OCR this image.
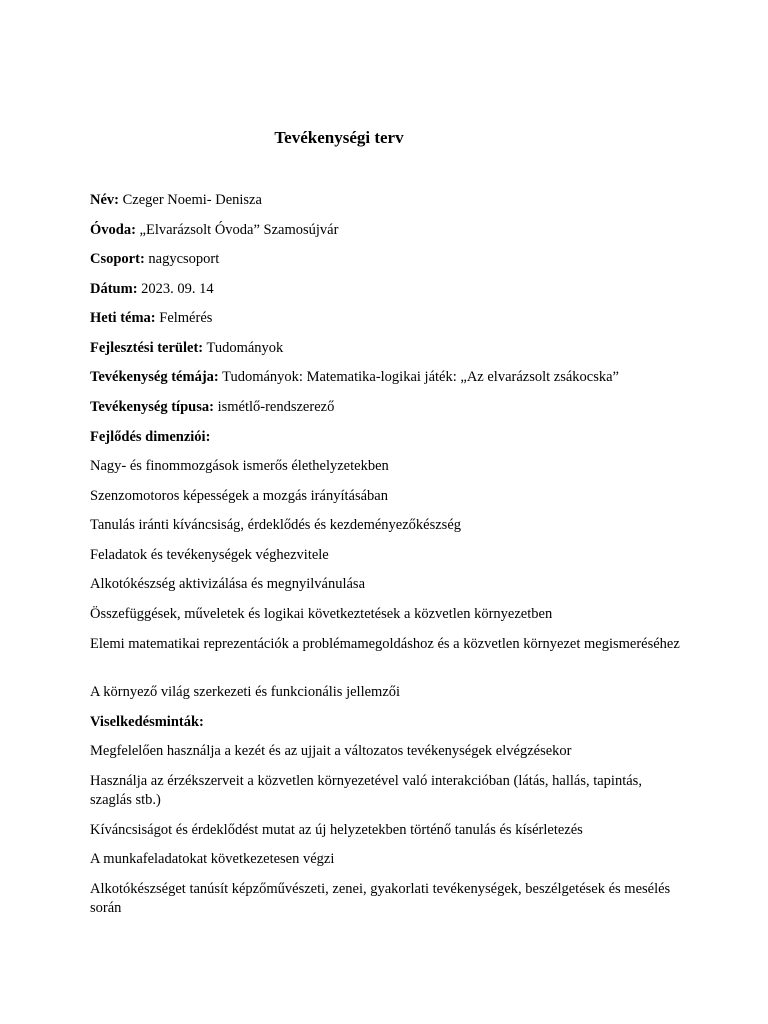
Tevékenységi terv
Név: Czeger Noemi- Denisza
Óvoda: „Elvarázsolt Óvoda” Szamosújvár
Csoport: nagycsoport
Dátum: 2023. 09. 14
Heti téma: Felmérés
Fejlesztési terület: Tudományok
Tevékenység témája: Tudományok: Matematika-logikai játék: „Az elvarázsolt zsákocska”
Tevékenység típusa: ismétlő-rendszerező
Fejlődés dimenziói:
Nagy- és finommozgások ismerős élethelyzetekben
Szenzomotoros képességek a mozgás irányításában
Tanulás iránti kíváncsiság, érdeklődés és kezdeményezőkészség
Feladatok és tevékenységek véghezvitele
Alkotókészség aktivizálása és megnyilvánulása
Összefüggések, műveletek és logikai következtetések a közvetlen környezetben
Elemi matematikai reprezentációk a problémamegoldáshoz és a közvetlen környezet megismeréséhez
A környező világ szerkezeti és funkcionális jellemzői
Viselkedésminták:
Megfelelően használja a kezét és az ujjait a változatos tevékenységek elvégzésekor
Használja az érzékszerveit a közvetlen környezetével való interakcióban (látás, hallás, tapintás, szaglás stb.)
Kíváncsiságot és érdeklődést mutat az új helyzetekben történő tanulás és kísérletezés
A munkafeladatokat következetesen végzi
Alkotókészséget tanúsít képzőművészeti, zenei, gyakorlati tevékenységek, beszélgetések és mesélés során
